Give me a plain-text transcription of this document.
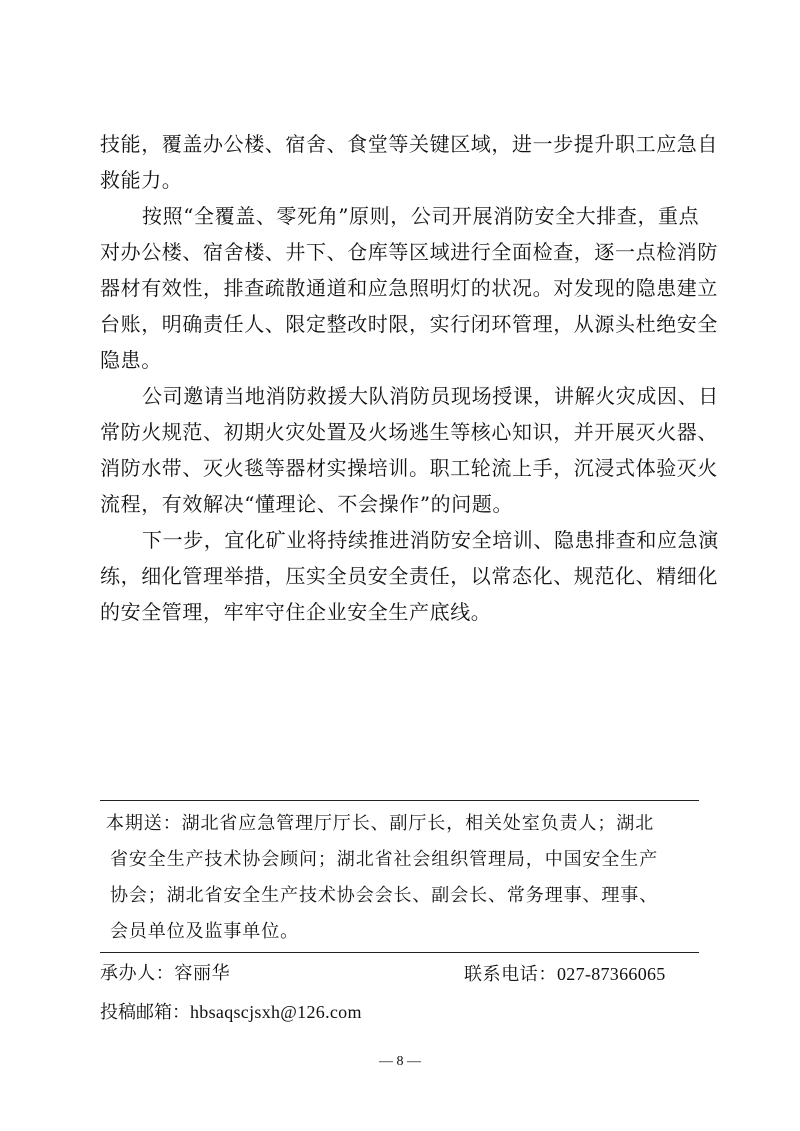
技能，覆盖办公楼、宿舍、食堂等关键区域，进一步提升职工应急自
救能力。
按照“全覆盖、零死角”原则，公司开展消防安全大排查，重点
对办公楼、宿舍楼、井下、仓库等区域进行全面检查，逐一点检消防
器材有效性，排查疏散通道和应急照明灯的状况。对发现的隐患建立
台账，明确责任人、限定整改时限，实行闭环管理，从源头杜绝安全
隐患。
公司邀请当地消防救援大队消防员现场授课，讲解火灾成因、日
常防火规范、初期火灾处置及火场逃生等核心知识，并开展灭火器、
消防水带、灭火毯等器材实操培训。职工轮流上手，沉浸式体验灭火
流程，有效解决“懂理论、不会操作”的问题。
下一步，宜化矿业将持续推进消防安全培训、隐患排查和应急演
练，细化管理举措，压实全员安全责任，以常态化、规范化、精细化
的安全管理，牢牢守住企业安全生产底线。
本期送：湖北省应急管理厅厅长、副厅长，相关处室负责人；湖北
省安全生产技术协会顾问；湖北省社会组织管理局，中国安全生产
协会；湖北省安全生产技术协会会长、副会长、常务理事、理事、
会员单位及监事单位。
承办人：容丽华	联系电话：027-87366065
投稿邮箱：hbsaqscjsxh@126.com
— 8 —
